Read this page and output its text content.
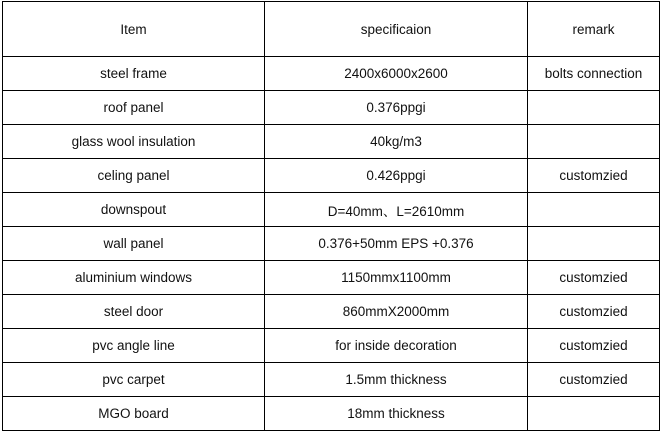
Item	specificaion	remark
steel frame	2400x6000x2600	bolts connection
roof panel	0.376ppgi	
glass wool insulation	40kg/m3	
celing panel	0.426ppgi	customzied
downspout	D=40mm、L=2610mm	
wall panel	0.376+50mm EPS +0.376	
aluminium windows	1150mmx1100mm	customzied
steel door	860mmX2000mm	customzied
pvc angle line	for inside decoration	customzied
pvc carpet	1.5mm thickness	customzied
MGO board	18mm thickness	
